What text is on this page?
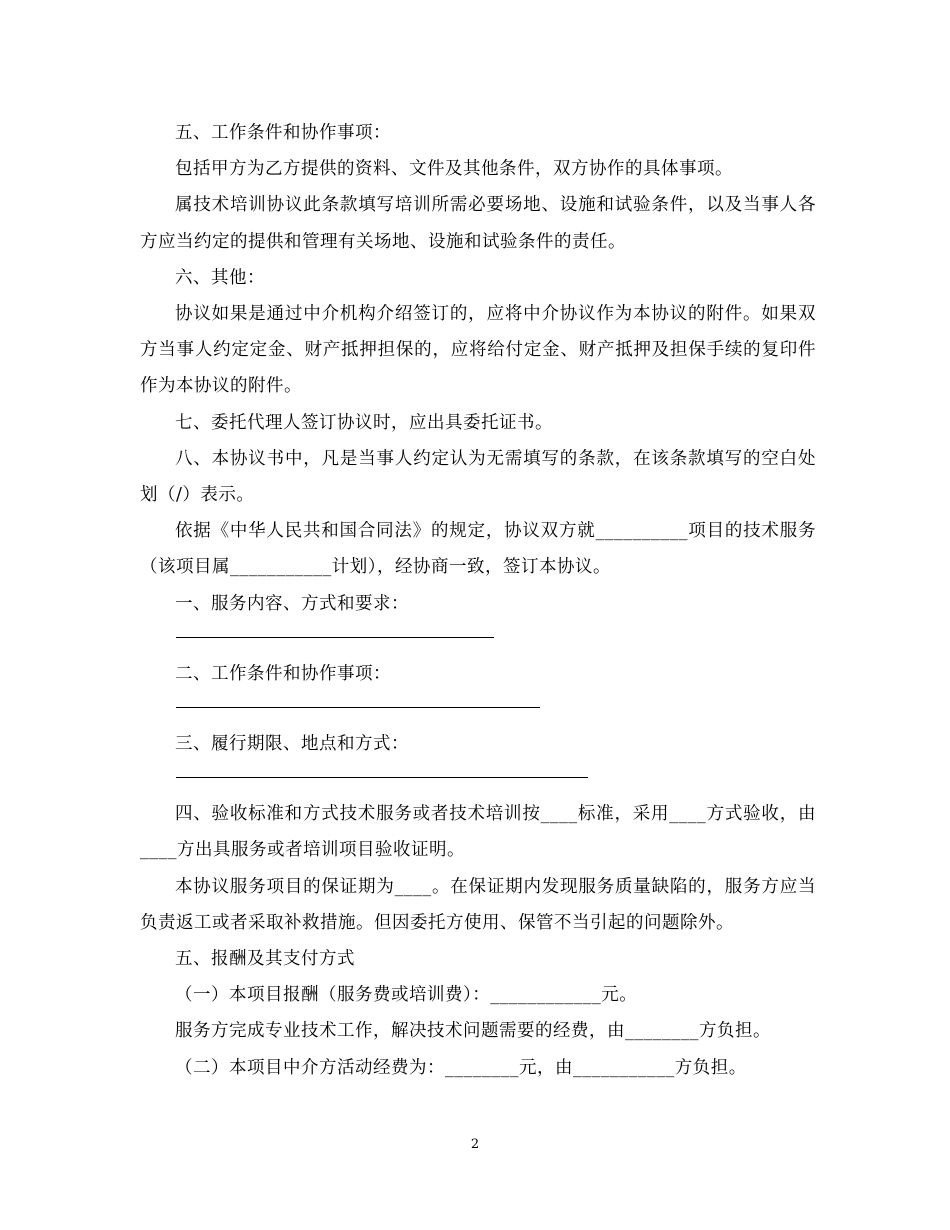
五、工作条件和协作事项：

包括甲方为乙方提供的资料、文件及其他条件，双方协作的具体事项。

属技术培训协议此条款填写培训所需必要场地、设施和试验条件，以及当事人各方应当约定的提供和管理有关场地、设施和试验条件的责任。

六、其他：

协议如果是通过中介机构介绍签订的，应将中介协议作为本协议的附件。如果双方当事人约定定金、财产抵押担保的，应将给付定金、财产抵押及担保手续的复印件作为本协议的附件。

七、委托代理人签订协议时，应出具委托证书。

八、本协议书中，凡是当事人约定认为无需填写的条款，在该条款填写的空白处划（/）表示。

依据《中华人民共和国合同法》的规定，协议双方就__________项目的技术服务（该项目属___________计划），经协商一致，签订本协议。

一、服务内容、方式和要求：

二、工作条件和协作事项：

三、履行期限、地点和方式：

四、验收标准和方式技术服务或者技术培训按____标准，采用____方式验收，由____方出具服务或者培训项目验收证明。

本协议服务项目的保证期为____。在保证期内发现服务质量缺陷的，服务方应当负责返工或者采取补救措施。但因委托方使用、保管不当引起的问题除外。

五、报酬及其支付方式

（一）本项目报酬（服务费或培训费）：____________元。

服务方完成专业技术工作，解决技术问题需要的经费，由________方负担。

（二）本项目中介方活动经费为：________元，由___________方负担。

2
